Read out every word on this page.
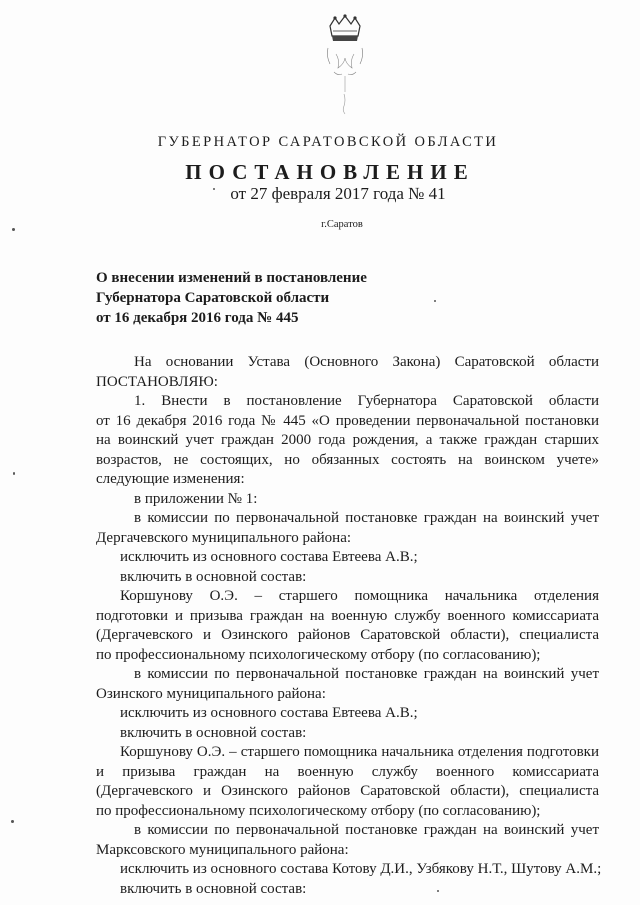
ГУБЕРНАТОР САРАТОВСКОЙ ОБЛАСТИ
ПОСТАНОВЛЕНИЕ
от 27 февраля 2017 года № 41
г.Саратов
О внесении изменений в постановление
Губернатора Саратовской области
от 16 декабря 2016 года № 445
На основании Устава (Основного Закона) Саратовской области
ПОСТАНОВЛЯЮ:
1. Внести в постановление Губернатора Саратовской области
от 16 декабря 2016 года № 445 «О проведении первоначальной постановки
на воинский учет граждан 2000 года рождения, а также граждан старших
возрастов, не состоящих, но обязанных состоять на воинском учете»
следующие изменения:
в приложении № 1:
в комиссии по первоначальной постановке граждан на воинский учет
Дергачевского муниципального района:
исключить из основного состава Евтеева А.В.;
включить в основной состав:
Коршунову О.Э. – старшего помощника начальника отделения
подготовки и призыва граждан на военную службу военного комиссариата
(Дергачевского и Озинского районов Саратовской области), специалиста
по профессиональному психологическому отбору (по согласованию);
в комиссии по первоначальной постановке граждан на воинский учет
Озинского муниципального района:
исключить из основного состава Евтеева А.В.;
включить в основной состав:
Коршунову О.Э. – старшего помощника начальника отделения подготовки
и призыва граждан на военную службу военного комиссариата
(Дергачевского и Озинского районов Саратовской области), специалиста
по профессиональному психологическому отбору (по согласованию);
в комиссии по первоначальной постановке граждан на воинский учет
Марксовского муниципального района:
исключить из основного состава Котову Д.И., Узбякову Н.Т., Шутову А.М.;
включить в основной состав:
